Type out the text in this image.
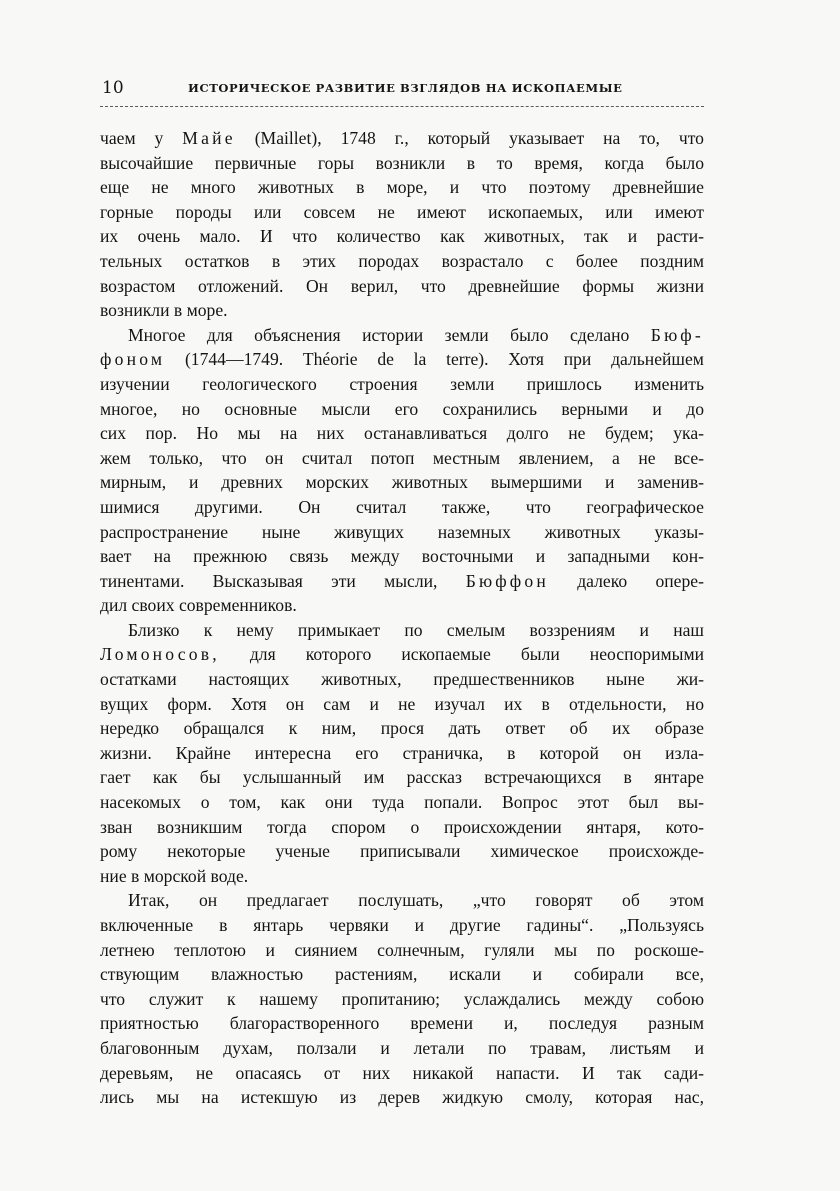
10	ИСТОРИЧЕСКОЕ РАЗВИТИЕ ВЗГЛЯДОВ НА ИСКОПАЕМЫЕ
чаем у Майе (Maillet), 1748 г., который указывает на то, что
высочайшие первичные горы возникли в то время, когда было
еще не много животных в море, и что поэтому древнейшие
горные породы или совсем не имеют ископаемых, или имеют
их очень мало. И что количество как животных, так и расти-
тельных остатков в этих породах возрастало с более поздним
возрастом отложений. Он верил, что древнейшие формы жизни
возникли в море.
Многое для объяснения истории земли было сделано Бюф-
фоном (1744—1749. Théorie de la terre). Хотя при дальнейшем
изучении геологического строения земли пришлось изменить
многое, но основные мысли его сохранились верными и до
сих пор. Но мы на них останавливаться долго не будем; ука-
жем только, что он считал потоп местным явлением, а не все-
мирным, и древних морских животных вымершими и заменив-
шимися другими. Он считал также, что географическое
распространение ныне живущих наземных животных указы-
вает на прежнюю связь между восточными и западными кон-
тинентами. Высказывая эти мысли, Бюффон далеко опере-
дил своих современников.
Близко к нему примыкает по смелым воззрениям и наш
Ломоносов, для которого ископаемые были неоспоримыми
остатками настоящих животных, предшественников ныне жи-
вущих форм. Хотя он сам и не изучал их в отдельности, но
нередко обращался к ним, прося дать ответ об их образе
жизни. Крайне интересна его страничка, в которой он изла-
гает как бы услышанный им рассказ встречающихся в янтаре
насекомых о том, как они туда попали. Вопрос этот был вы-
зван возникшим тогда спором о происхождении янтаря, кото-
рому некоторые ученые приписывали химическое происхожде-
ние в морской воде.
Итак, он предлагает послушать, „что говорят об этом
включенные в янтарь червяки и другие гадины“. „Пользуясь
летнею теплотою и сиянием солнечным, гуляли мы по роскоше-
ствующим влажностью растениям, искали и собирали все,
что служит к нашему пропитанию; услаждались между собою
приятностью благорастворенного времени и, последуя разным
благовонным духам, ползали и летали по травам, листьям и
деревьям, не опасаясь от них никакой напасти. И так сади-
лись мы на истекшую из дерев жидкую смолу, которая нас,
